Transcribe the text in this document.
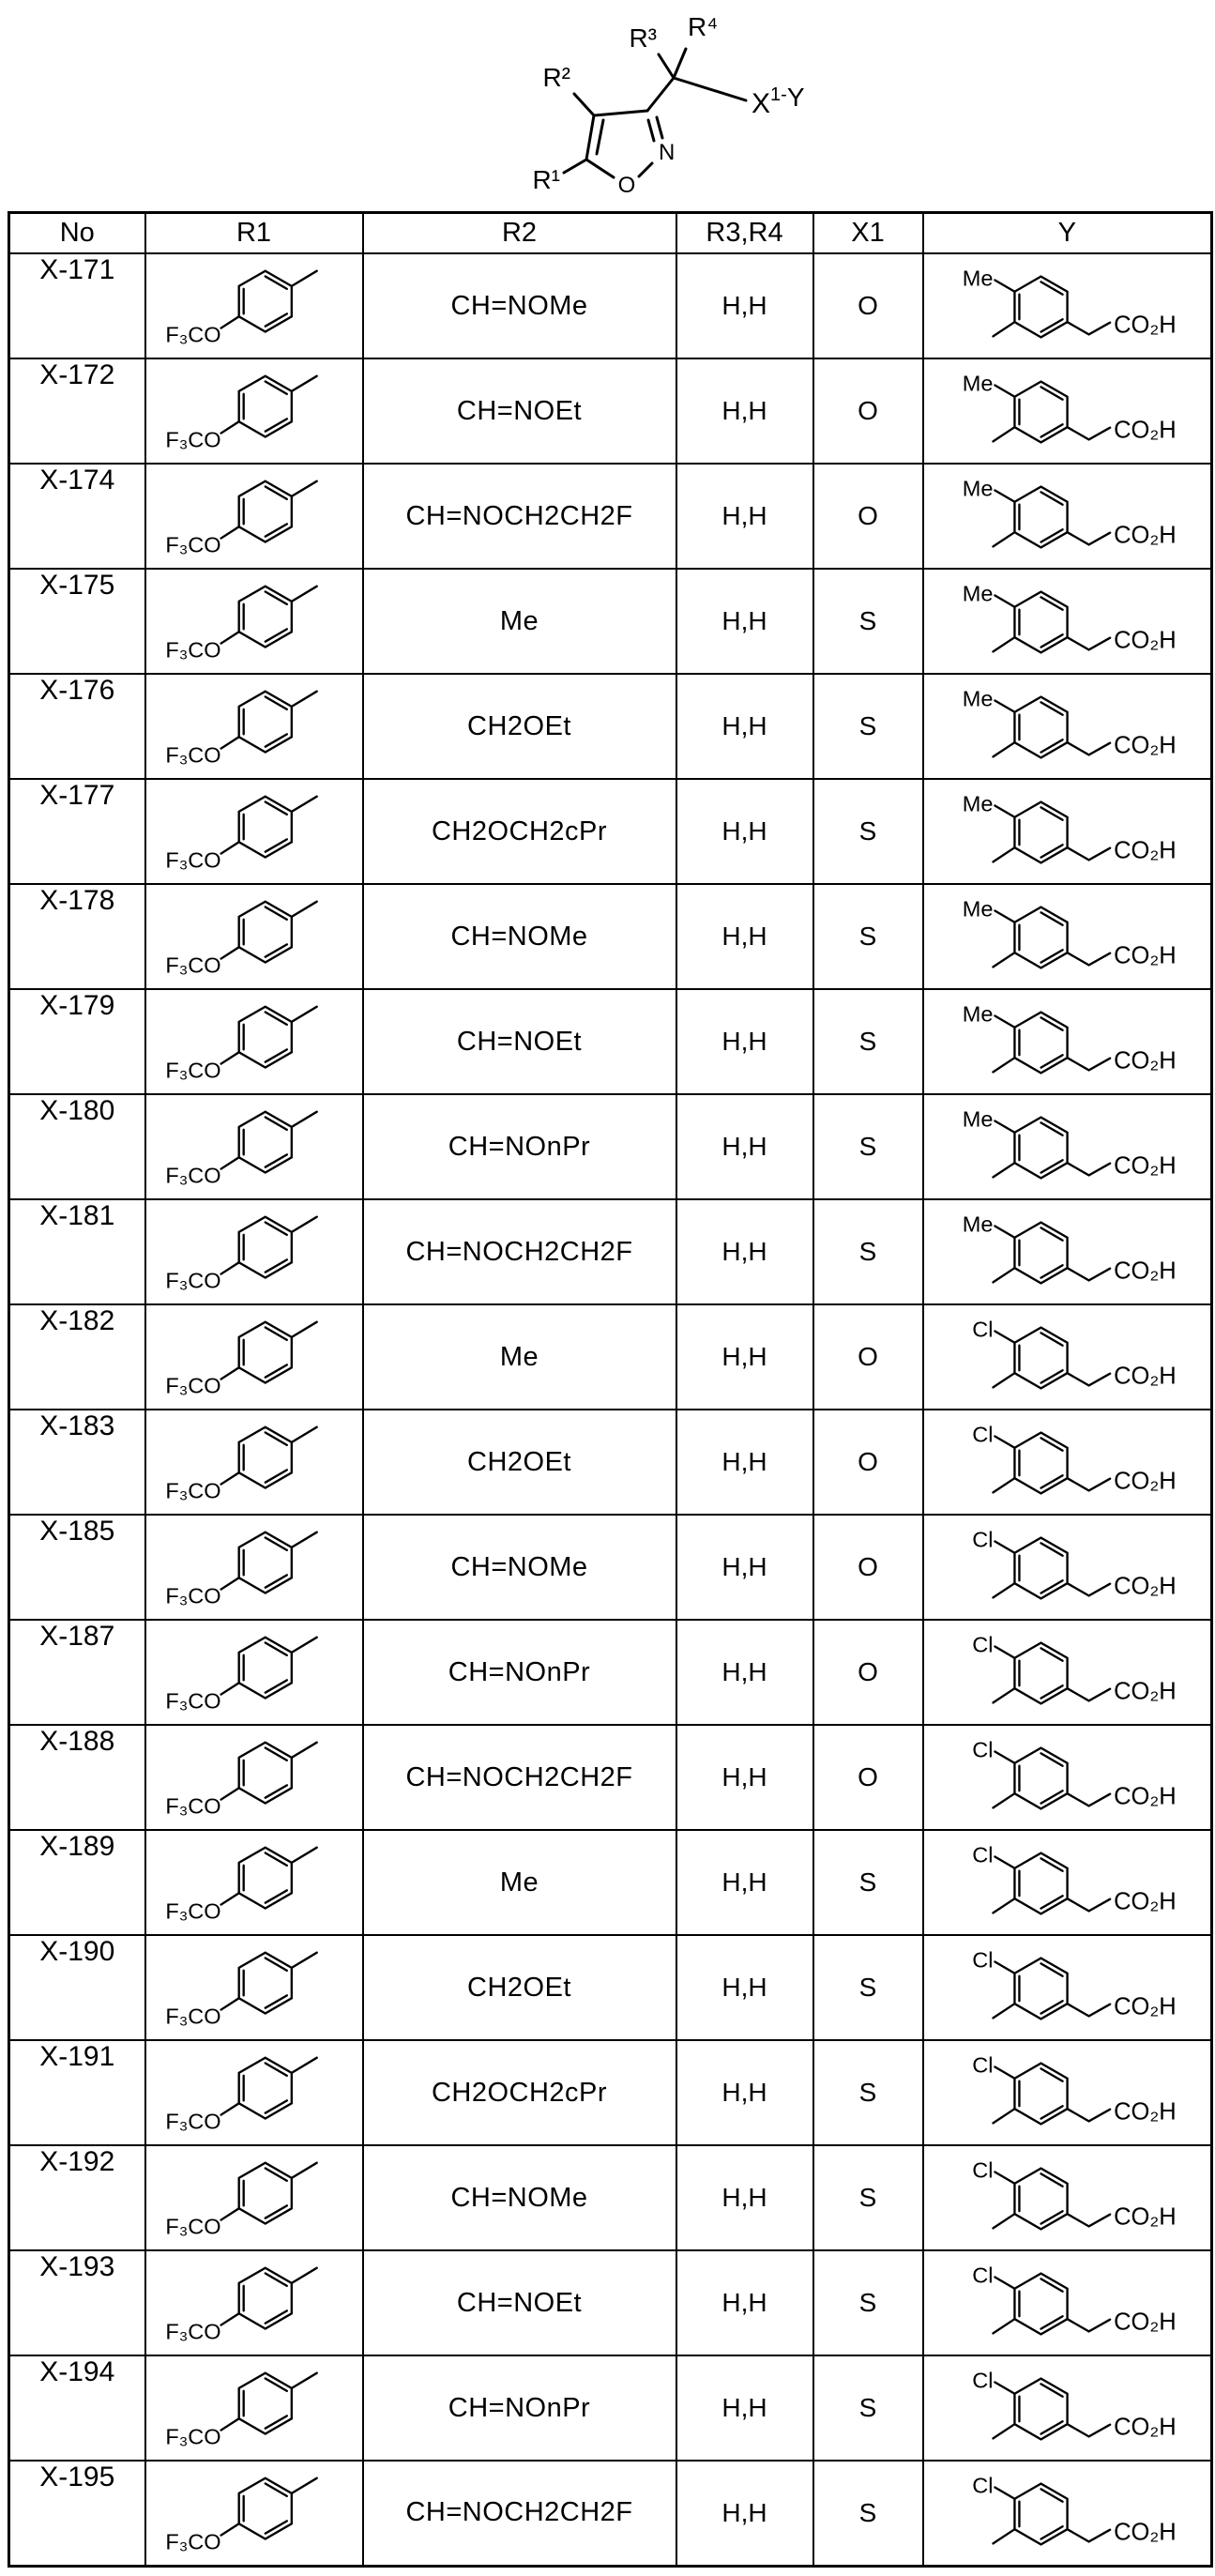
O
N
R¹
R²
R³ R⁴
$X^{1-}Y$
No	R1	R2	R3,R4	X1	Y
X-171	F₃CO	CH=NOMe	H,H	O	Me
CO₂H

X-172	F₃CO	CH=NOEt	H,H	O	Me
CO₂H

X-174	F₃CO	CH=NOCH2CH2F	H,H	O	Me
CO₂H

X-175	F₃CO	Me	H,H	S	Me
CO₂H

X-176	F₃CO	CH2OEt	H,H	S	Me
CO₂H

X-177	F₃CO	CH2OCH2cPr	H,H	S	Me
CO₂H

X-178	F₃CO	CH=NOMe	H,H	S	Me
CO₂H

X-179	F₃CO	CH=NOEt	H,H	S	Me
CO₂H

X-180	F₃CO	CH=NOnPr	H,H	S	Me
CO₂H

X-181	F₃CO	CH=NOCH2CH2F	H,H	S	Me
CO₂H

X-182	F₃CO	Me	H,H	O	Cl
CO₂H

X-183	F₃CO	CH2OEt	H,H	O	Cl
CO₂H

X-185	F₃CO	CH=NOMe	H,H	O	Cl
CO₂H

X-187	F₃CO	CH=NOnPr	H,H	O	Cl
CO₂H

X-188	F₃CO	CH=NOCH2CH2F	H,H	O	Cl
CO₂H

X-189	F₃CO	Me	H,H	S	Cl
CO₂H

X-190	F₃CO	CH2OEt	H,H	S	Cl
CO₂H

X-191	F₃CO	CH2OCH2cPr	H,H	S	Cl
CO₂H

X-192	F₃CO	CH=NOMe	H,H	S	Cl
CO₂H

X-193	F₃CO	CH=NOEt	H,H	S	Cl
CO₂H

X-194	F₃CO	CH=NOnPr	H,H	S	Cl
CO₂H

X-195	F₃CO	CH=NOCH2CH2F	H,H	S	Cl
CO₂H
